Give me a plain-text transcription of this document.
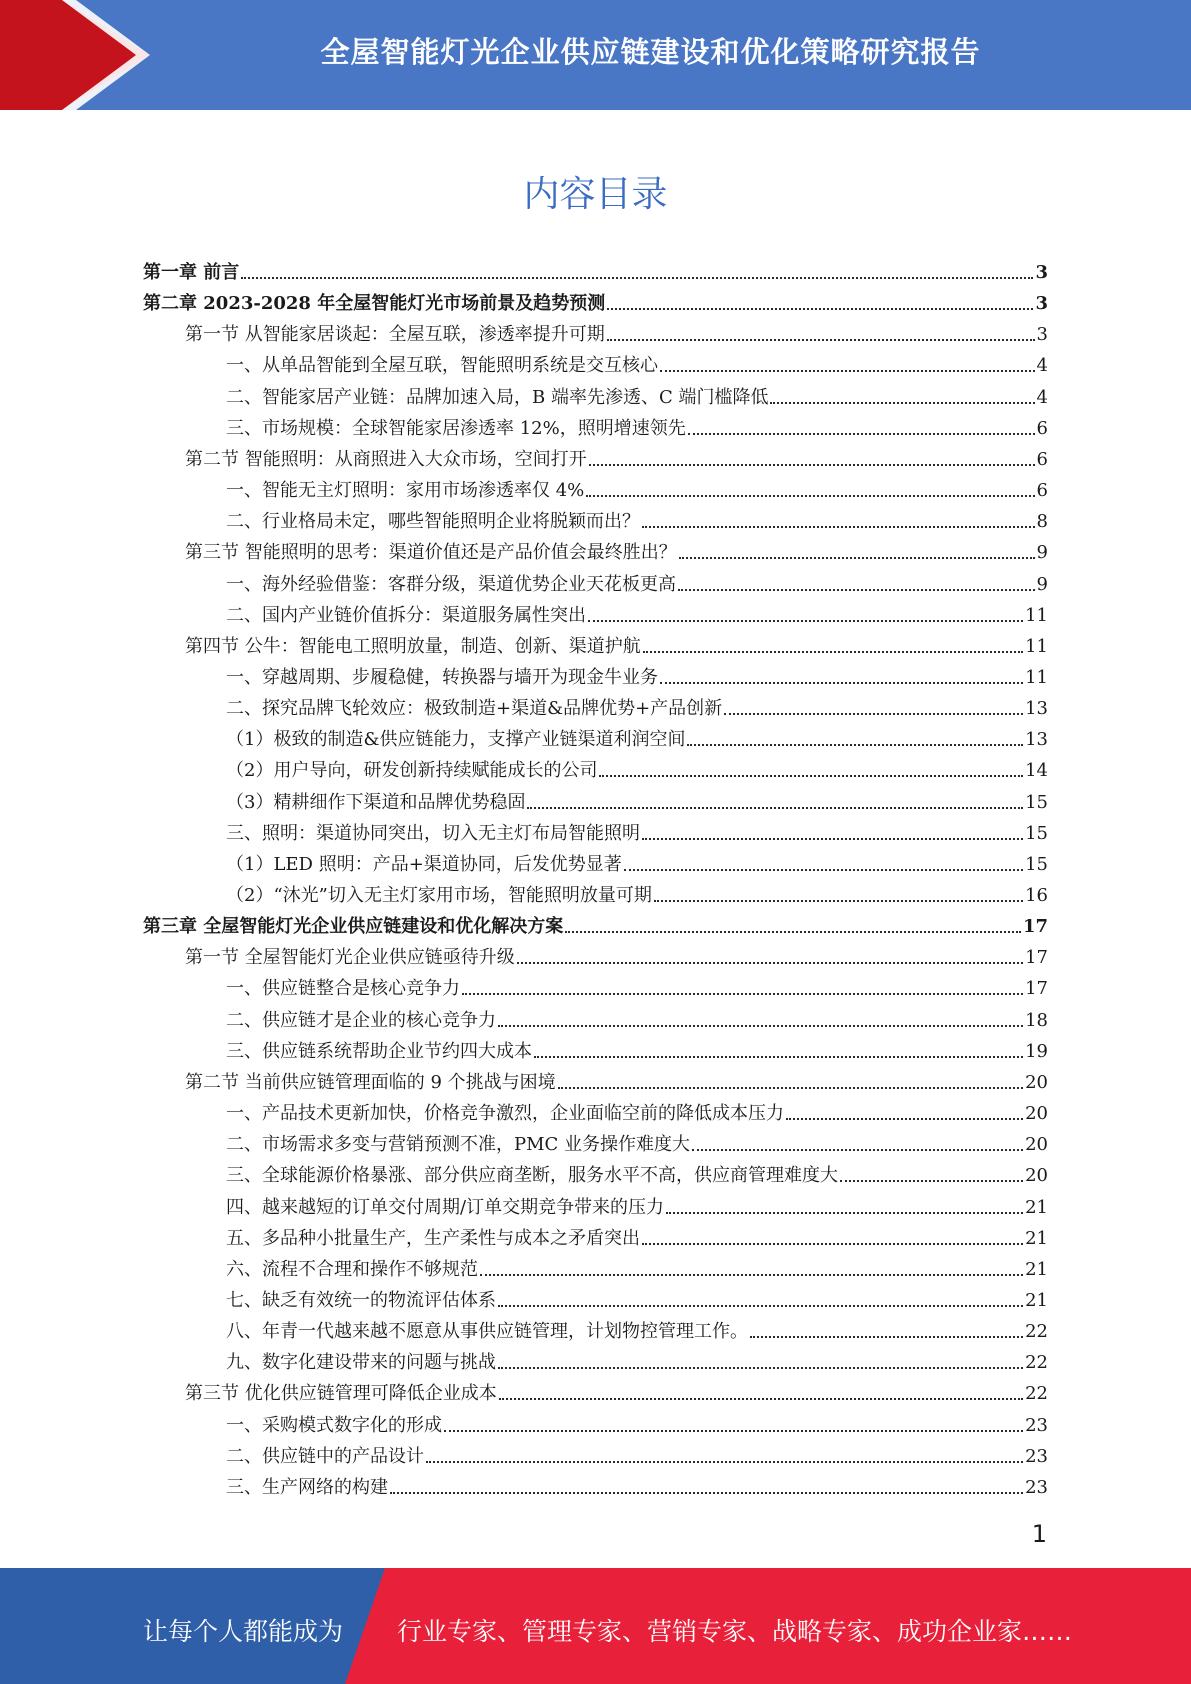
全屋智能灯光企业供应链建设和优化策略研究报告
内容目录
第一章 前言	3
第二章 2023-2028 年全屋智能灯光市场前景及趋势预测	3
第一节 从智能家居谈起：全屋互联，渗透率提升可期	3
一、从单品智能到全屋互联，智能照明系统是交互核心	4
二、智能家居产业链：品牌加速入局，B 端率先渗透、C 端门槛降低	4
三、市场规模：全球智能家居渗透率 12%，照明增速领先	6
第二节 智能照明：从商照进入大众市场，空间打开	6
一、智能无主灯照明：家用市场渗透率仅 4%	6
二、行业格局未定，哪些智能照明企业将脱颖而出？	8
第三节 智能照明的思考：渠道价值还是产品价值会最终胜出？	9
一、海外经验借鉴：客群分级，渠道优势企业天花板更高	9
二、国内产业链价值拆分：渠道服务属性突出	11
第四节 公牛：智能电工照明放量，制造、创新、渠道护航	11
一、穿越周期、步履稳健，转换器与墙开为现金牛业务	11
二、探究品牌飞轮效应：极致制造+渠道&品牌优势+产品创新	13
（1）极致的制造&供应链能力，支撑产业链渠道利润空间	13
（2）用户导向，研发创新持续赋能成长的公司	14
（3）精耕细作下渠道和品牌优势稳固	15
三、照明：渠道协同突出，切入无主灯布局智能照明	15
（1）LED 照明：产品+渠道协同，后发优势显著	15
（2）“沐光”切入无主灯家用市场，智能照明放量可期	16
第三章 全屋智能灯光企业供应链建设和优化解决方案	17
第一节 全屋智能灯光企业供应链亟待升级	17
一、供应链整合是核心竞争力	17
二、供应链才是企业的核心竞争力	18
三、供应链系统帮助企业节约四大成本	19
第二节 当前供应链管理面临的 9 个挑战与困境	20
一、产品技术更新加快，价格竞争激烈，企业面临空前的降低成本压力	20
二、市场需求多变与营销预测不准，PMC 业务操作难度大	20
三、全球能源价格暴涨、部分供应商垄断，服务水平不高，供应商管理难度大	20
四、越来越短的订单交付周期/订单交期竞争带来的压力	21
五、多品种小批量生产，生产柔性与成本之矛盾突出	21
六、流程不合理和操作不够规范	21
七、缺乏有效统一的物流评估体系	21
八、年青一代越来越不愿意从事供应链管理，计划物控管理工作。	22
九、数字化建设带来的问题与挑战	22
第三节 优化供应链管理可降低企业成本	22
一、采购模式数字化的形成	23
二、供应链中的产品设计	23
三、生产网络的构建	23
1
让每个人都能成为 行业专家、管理专家、营销专家、战略专家、成功企业家……
